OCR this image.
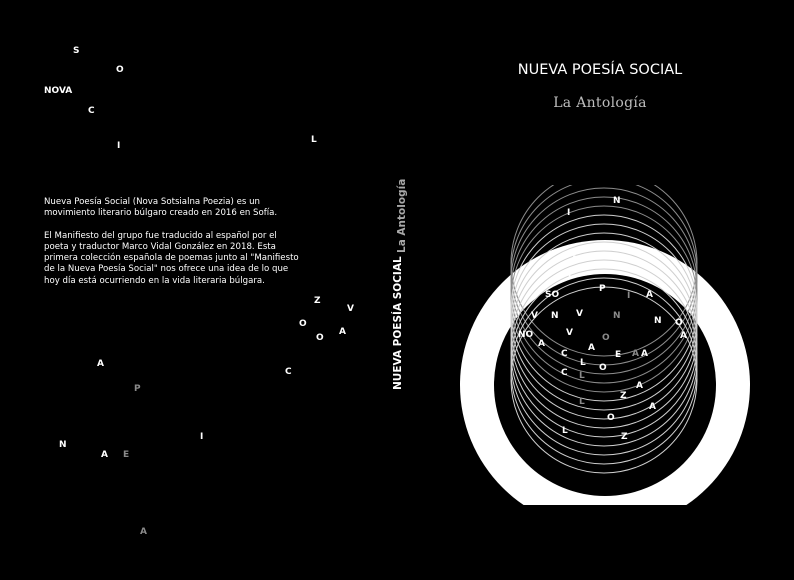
S
O
NOVA
C
I
L
Z
V
O
O
A
A
C
P
I
N
A E
A

Nueva Poesía Social (Nova Sotsialna Poezia) es un movimiento literario búlgaro creado en 2016 en Sofía.

El Manifiesto del grupo fue traducido al español por el poeta y traductor Marco Vidal González en 2018. Esta primera colección española de poemas junto al "Manifiesto de la Nueva Poesía Social" nos ofrece una idea de lo que hoy día está ocurriendo en la vida literaria búlgara.

La Antología
NUEVA POESÍA SOCIAL
NUEVA POESÍA SOCIAL
La Antología
N
I
A
I
SO
P
I A
V N V	N	N O
NO	V	O	A
A	A
C	E A A
L O
C L
A
L
Z
A
O
L
Z
